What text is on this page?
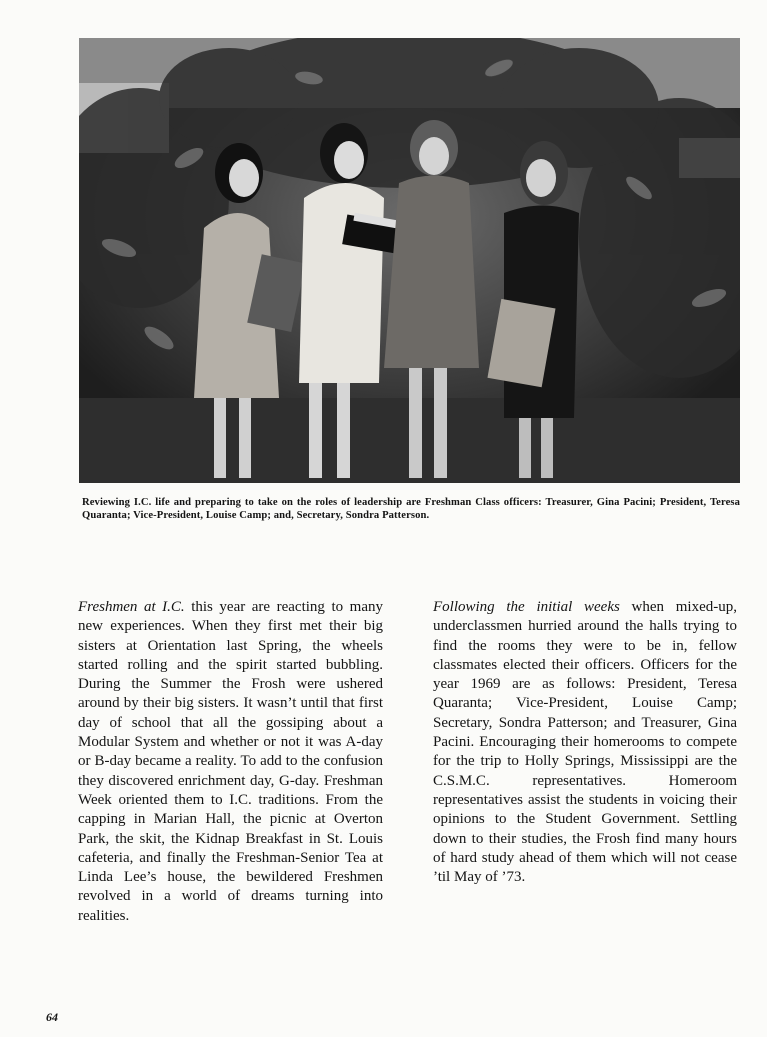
Reviewing I.C. life and preparing to take on the roles of leadership are Freshman Class officers: Treasurer, Gina Pacini; President, Teresa Quaranta; Vice-President, Louise Camp; and, Secretary, Sondra Patterson.
Freshmen at I.C. this year are reacting to many new experiences. When they first met their big sisters at Orientation last Spring, the wheels started rolling and the spirit started bubbling. During the Summer the Frosh were ushered around by their big sisters. It wasn’t until that first day of school that all the gossiping about a Modular System and whether or not it was A-day or B-day became a reality. To add to the confusion they discovered enrichment day, G-day. Freshman Week oriented them to I.C. traditions. From the capping in Marian Hall, the picnic at Overton Park, the skit, the Kidnap Breakfast in St. Louis cafeteria, and finally the Freshman-Senior Tea at Linda Lee’s house, the bewildered Freshmen revolved in a world of dreams turning into realities.
Following the initial weeks when mixed-up, underclassmen hurried around the halls trying to find the rooms they were to be in, fellow classmates elected their officers. Officers for the year 1969 are as follows: President, Teresa Quaranta; Vice-President, Louise Camp; Secretary, Sondra Patterson; and Treasurer, Gina Pacini. Encouraging their homerooms to compete for the trip to Holly Springs, Mississippi are the C.S.M.C. representatives. Homeroom representatives assist the students in voicing their opinions to the Student Government. Settling down to their studies, the Frosh find many hours of hard study ahead of them which will not cease ’til May of ’73.
64
